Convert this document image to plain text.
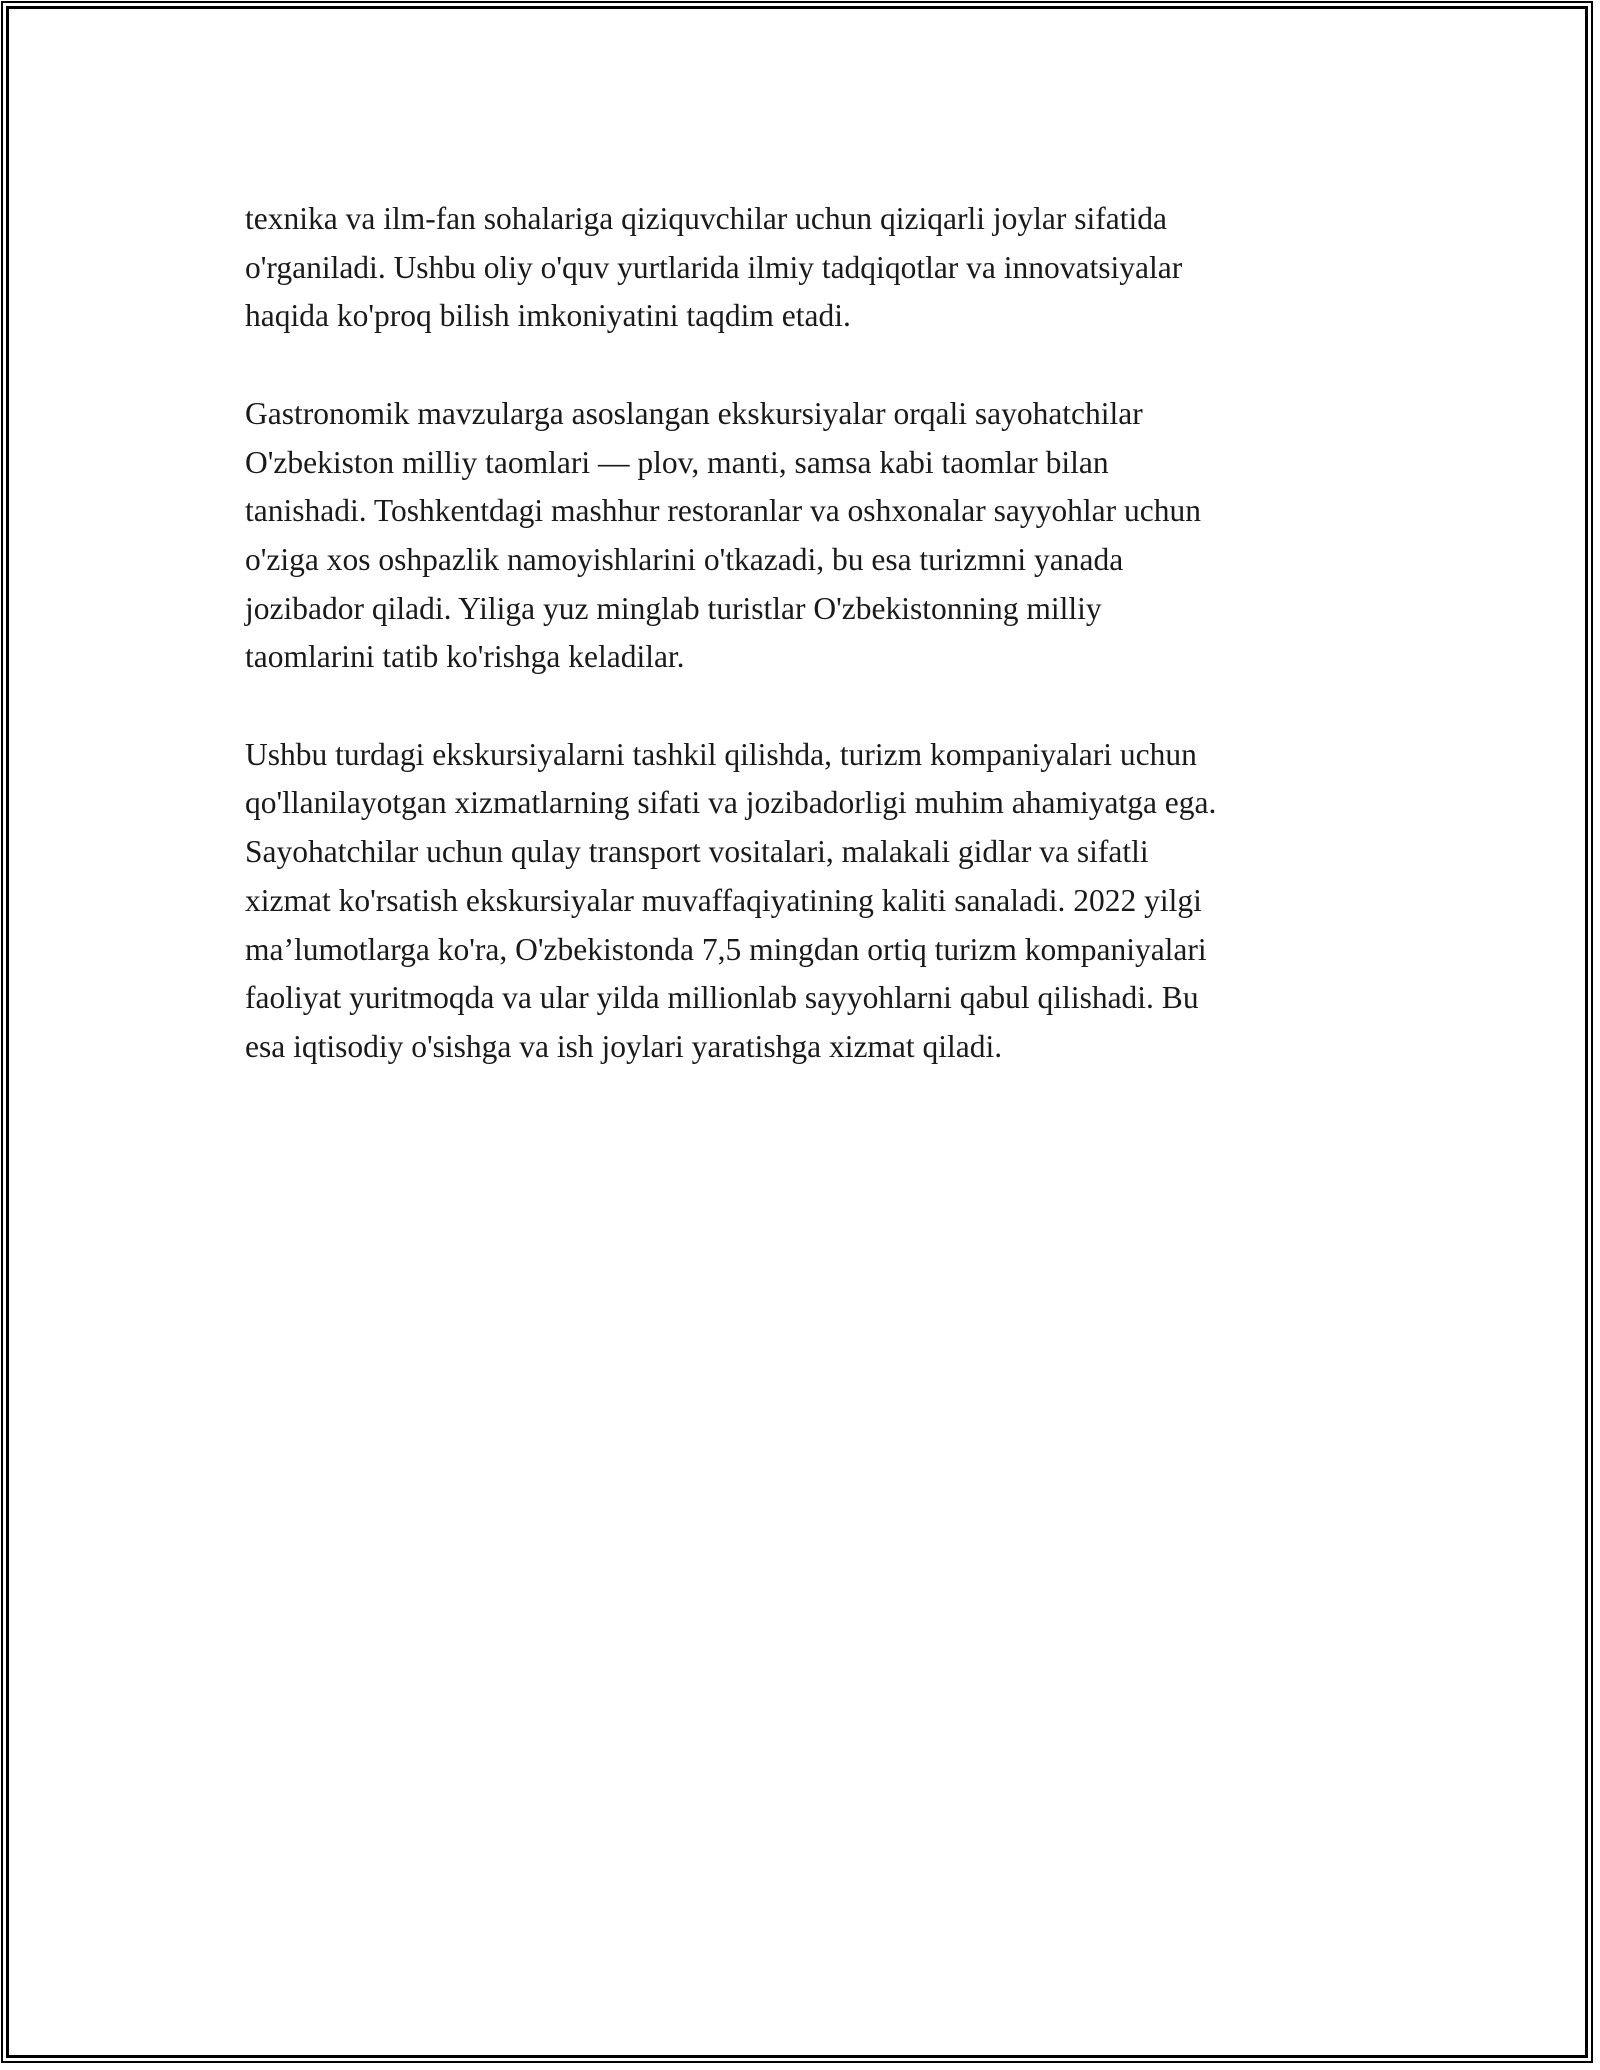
texnika va ilm-fan sohalariga qiziquvchilar uchun qiziqarli joylar sifatida
o'rganiladi. Ushbu oliy o'quv yurtlarida ilmiy tadqiqotlar va innovatsiyalar
haqida ko'proq bilish imkoniyatini taqdim etadi.

Gastronomik mavzularga asoslangan ekskursiyalar orqali sayohatchilar
O'zbekiston milliy taomlari — plov, manti, samsa kabi taomlar bilan
tanishadi. Toshkentdagi mashhur restoranlar va oshxonalar sayyohlar uchun
o'ziga xos oshpazlik namoyishlarini o'tkazadi, bu esa turizmni yanada
jozibador qiladi. Yiliga yuz minglab turistlar O'zbekistonning milliy
taomlarini tatib ko'rishga keladilar.

Ushbu turdagi ekskursiyalarni tashkil qilishda, turizm kompaniyalari uchun
qo'llanilayotgan xizmatlarning sifati va jozibadorligi muhim ahamiyatga ega.
Sayohatchilar uchun qulay transport vositalari, malakali gidlar va sifatli
xizmat ko'rsatish ekskursiyalar muvaffaqiyatining kaliti sanaladi. 2022 yilgi
ma’lumotlarga ko'ra, O'zbekistonda 7,5 mingdan ortiq turizm kompaniyalari
faoliyat yuritmoqda va ular yilda millionlab sayyohlarni qabul qilishadi. Bu
esa iqtisodiy o'sishga va ish joylari yaratishga xizmat qiladi.
